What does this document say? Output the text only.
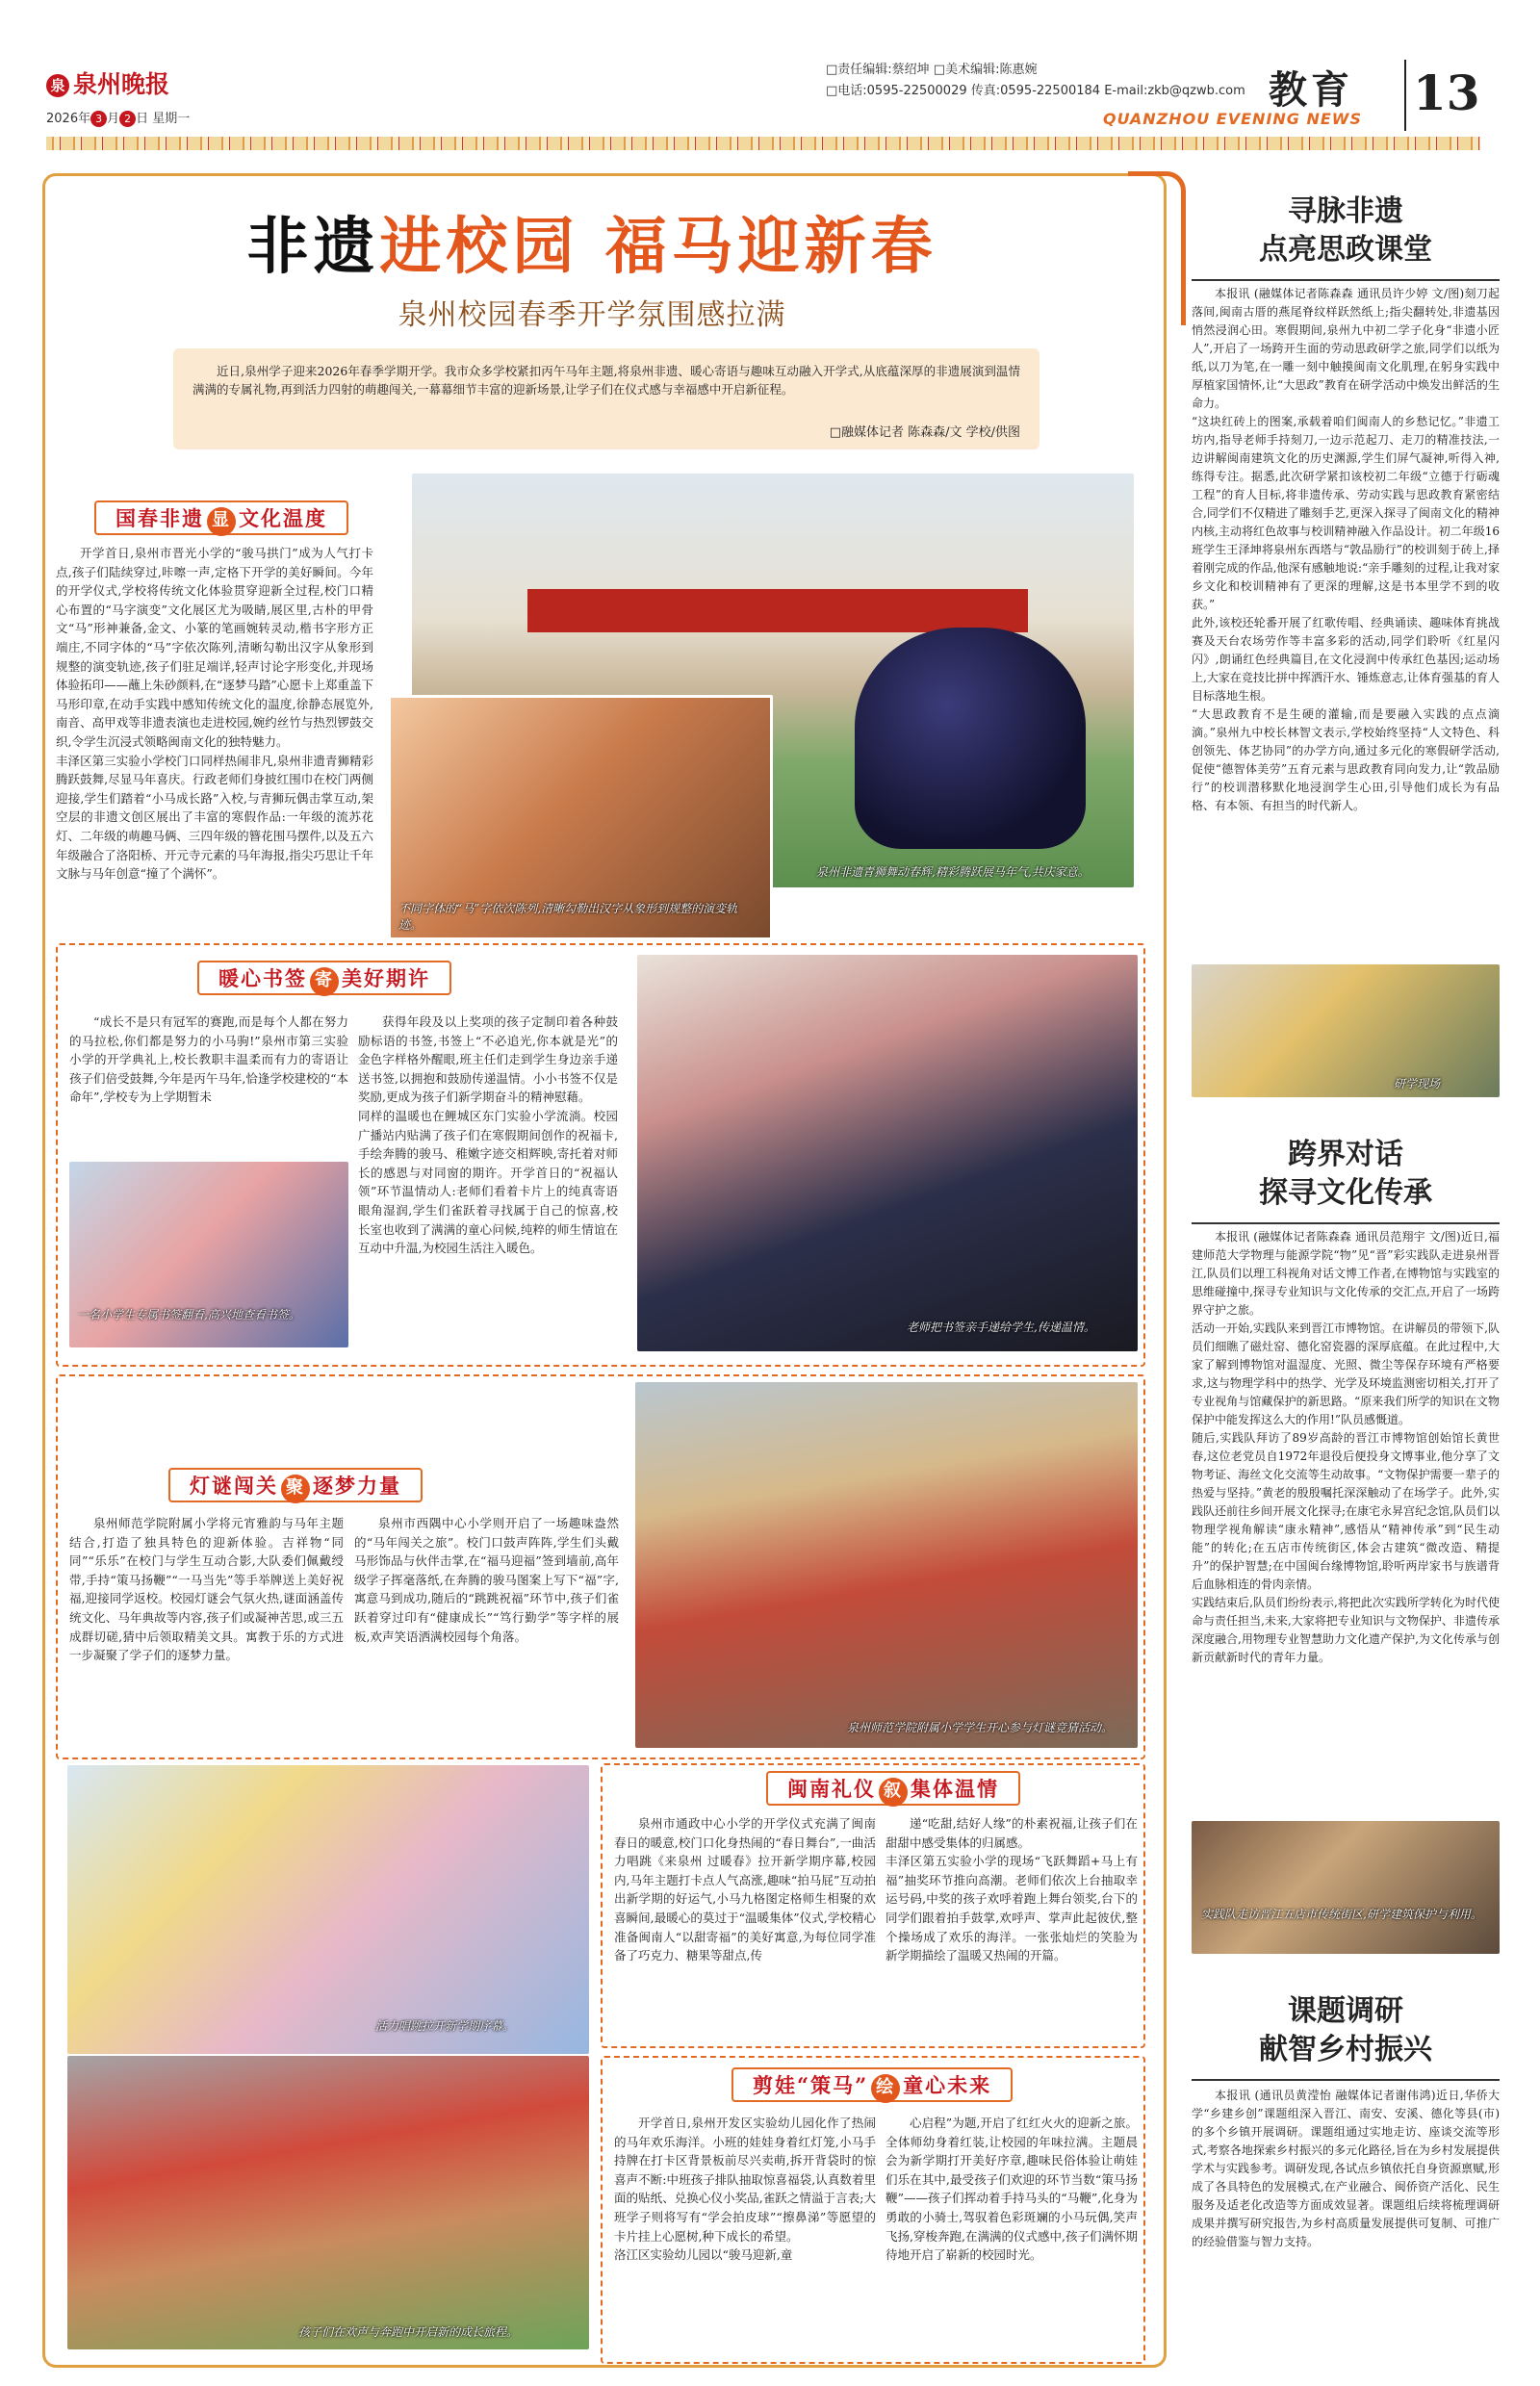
泉 泉州晚报
2026年 3 月 2 日 星期一
□责任编辑:蔡绍坤 □美术编辑:陈惠婉
□电话:0595-22500029 传真:0595-22500184 E-mail:zkb@qzwb.com 教育
QUANZHOU EVENING NEWS 13
非遗进校园 福马迎新春
泉州校园春季开学氛围感拉满
近日,泉州学子迎来2026年春季学期开学。我市众多学校紧扣丙午马年主题,将泉州非遗、暖心寄语与趣味互动融入开学式,从底蕴深厚的非遗展演到温情满满的专属礼物,再到活力四射的萌趣闯关,一幕幕细节丰富的迎新场景,让学子们在仪式感与幸福感中开启新征程。
□融媒体记者 陈森森/文 学校/供图
国春非遗 显 文化温度
开学首日,泉州市晋光小学的“骏马拱门”成为人气打卡点,孩子们陆续穿过,咔嚓一声,定格下开学的美好瞬间。今年的开学仪式,学校将传统文化体验贯穿迎新全过程,校门口精心布置的“马字演变”文化展区尤为吸睛,展区里,古朴的甲骨文“马”形神兼备,金文、小篆的笔画婉转灵动,楷书字形方正端庄,不同字体的“马”字依次陈列,清晰勾勒出汉字从象形到规整的演变轨迹,孩子们驻足端详,轻声讨论字形变化,并现场体验拓印——蘸上朱砂颜料,在“逐梦马踏”心愿卡上郑重盖下马形印章,在动手实践中感知传统文化的温度,徐静态展览外,南音、高甲戏等非遗表演也走进校园,婉约丝竹与热烈锣鼓交织,令学生沉浸式领略闽南文化的独特魅力。
丰泽区第三实验小学校门口同样热闹非凡,泉州非遗青狮精彩腾跃鼓舞,尽显马年喜庆。行政老师们身披红围巾在校门两侧迎接,学生们踏着“小马成长路”入校,与青狮玩偶击掌互动,架空层的非遗文创区展出了丰富的寒假作品:一年级的流苏花灯、二年级的萌趣马俩、三四年级的簪花围马摆件,以及五六年级融合了洛阳桥、开元寺元素的马年海报,指尖巧思让千年文脉与马年创意“撞了个满怀”。	泉州非遗青狮舞动春辉,精彩腾跃展马年气,共庆家意。
不同字体的“马”字依次陈列,清晰勾勒出汉字从象形到规整的演变轨迹。
暖心书签 寄 美好期许
“成长不是只有冠军的赛跑,而是每个人都在努力的马拉松,你们都是努力的小马驹!”泉州市第三实验小学的开学典礼上,校长教职丰温柔而有力的寄语让孩子们倍受鼓舞,今年是丙午马年,恰逢学校建校的“本命年”,学校专为上学期暂未
获得年段及以上奖项的孩子定制印着各种鼓励标语的书签,书签上“不必追光,你本就是光”的金色字样格外醒眼,班主任们走到学生身边亲手递送书签,以拥抱和鼓励传递温情。小小书签不仅是奖励,更成为孩子们新学期奋斗的精神慰藉。
同样的温暖也在鲤城区东门实验小学流淌。校园广播站内贴满了孩子们在寒假期间创作的祝福卡,手绘奔腾的骏马、稚嫩字迹交相辉映,寄托着对师长的感恩与对同窗的期许。开学首日的“祝福认领”环节温情动人:老师们看着卡片上的纯真寄语眼角湿润,学生们雀跃着寻找属于自己的惊喜,校长室也收到了满满的童心问候,纯粹的师生情谊在互动中升温,为校园生活注入暖色。
一名小学生专属书签翻看,高兴地查看书签。
老师把书签亲手递给学生,传递温情。
灯谜闯关 聚 逐梦力量
泉州师范学院附属小学将元宵雅韵与马年主题结合,打造了独具特色的迎新体验。吉祥物“同同”“乐乐”在校门与学生互动合影,大队委们佩戴绶带,手持“策马扬鞭”“一马当先”等手举牌送上美好祝福,迎接同学返校。校园灯谜会气氛火热,谜面涵盖传统文化、马年典故等内容,孩子们或凝神苦思,或三五成群切磋,猜中后领取精美文具。寓教于乐的方式进一步凝聚了学子们的逐梦力量。
泉州市西隅中心小学则开启了一场趣味盎然的“马年闯关之旅”。校门口鼓声阵阵,学生们头戴马形饰品与伙伴击掌,在“福马迎福”签到墙前,高年级学子挥毫落纸,在奔腾的骏马图案上写下“福”字,寓意马到成功,随后的“跳跳祝福”环节中,孩子们雀跃着穿过印有“健康成长”“笃行勤学”等字样的展板,欢声笑语洒满校园每个角落。
泉州师范学院附属小学学生开心参与灯谜竞猜活动。
活力唱跳拉开新学期序幕。
闽南礼仪 叙 集体温情
泉州市通政中心小学的开学仪式充满了闽南春日的暖意,校门口化身热闹的“春日舞台”,一曲活力唱跳《来泉州 过暖春》拉开新学期序幕,校园内,马年主题打卡点人气高涨,趣味“拍马屁”互动拍出新学期的好运气,小马九格图定格师生相聚的欢喜瞬间,最暖心的莫过于“温暖集体”仪式,学校精心准备闽南人“以甜寄福”的美好寓意,为每位同学准备了巧克力、糖果等甜点,传
递“吃甜,结好人缘”的朴素祝福,让孩子们在甜甜中感受集体的归属感。
丰泽区第五实验小学的现场“飞跃舞蹈+马上有福”抽奖环节推向高潮。老师们依次上台抽取幸运号码,中奖的孩子欢呼着跑上舞台领奖,台下的同学们跟着拍手鼓掌,欢呼声、掌声此起彼伏,整个操场成了欢乐的海洋。一张张灿烂的笑脸为新学期描绘了温暖又热闹的开篇。
孩子们在欢声与奔跑中开启新的成长旅程。
剪娃“策马” 绘 童心未来
开学首日,泉州开发区实验幼儿园化作了热闹的马年欢乐海洋。小班的娃娃身着红灯笼,小马手持牌在打卡区背景板前尽兴卖萌,拆开背袋时的惊喜声不断:中班孩子排队抽取惊喜福袋,认真数着里面的贴纸、兑换心仪小奖品,雀跃之情溢于言表;大班学子则将写有“学会拍皮球”“擦鼻涕”等愿望的卡片挂上心愿树,种下成长的希望。
洛江区实验幼儿园以“骏马迎新,童
心启程”为题,开启了红红火火的迎新之旅。全体师幼身着红装,让校园的年味拉满。主题晨会为新学期打开美好序章,趣味民俗体验让萌娃们乐在其中,最受孩子们欢迎的环节当数“策马扬鞭”——孩子们挥动着手持马头的“马鞭”,化身为勇敢的小骑士,驾驭着色彩斑斓的小马玩偶,笑声飞扬,穿梭奔跑,在满满的仪式感中,孩子们满怀期待地开启了崭新的校园时光。
寻脉非遗
点亮思政课堂
本报讯 (融媒体记者陈森森 通讯员许少婷 文/图)刻刀起落间,闽南古厝的燕尾脊纹样跃然纸上;指尖翻转处,非遗基因悄然浸润心田。寒假期间,泉州九中初二学子化身“非遗小匠人”,开启了一场跨开生面的劳动思政研学之旅,同学们以纸为纸,以刀为笔,在一雕一刻中触摸闽南文化肌理,在躬身实践中厚植家国情怀,让“大思政”教育在研学活动中焕发出鲜活的生命力。
“这块红砖上的图案,承载着咱们闽南人的乡愁记忆。”非遗工坊内,指导老师手持刻刀,一边示范起刀、走刀的精准技法,一边讲解闽南建筑文化的历史渊源,学生们屏气凝神,听得入神,练得专注。据悉,此次研学紧扣该校初二年级“立德于行砺魂工程”的育人目标,将非遗传承、劳动实践与思政教育紧密结合,同学们不仅精进了雕刻手艺,更深入探寻了闽南文化的精神内核,主动将红色故事与校训精神融入作品设计。初二年级16班学生王泽坤将泉州东西塔与“敦品励行”的校训刻于砖上,择着刚完成的作品,他深有感触地说:“亲手雕刻的过程,让我对家乡文化和校训精神有了更深的理解,这是书本里学不到的收获。”
此外,该校还轮番开展了红歌传唱、经典诵读、趣味体育挑战赛及天台农场劳作等丰富多彩的活动,同学们聆听《红星闪闪》,朗诵红色经典篇目,在文化浸润中传承红色基因;运动场上,大家在竞技比拼中挥洒汗水、锤炼意志,让体育强基的育人目标落地生根。
“大思政教育不是生硬的灌输,而是要融入实践的点点滴滴。”泉州九中校长林智文表示,学校始终坚持“人文特色、科创领先、体艺协同”的办学方向,通过多元化的寒假研学活动,促使“德智体美劳”五育元素与思政教育同向发力,让“敦品励行”的校训潜移默化地浸润学生心田,引导他们成长为有品格、有本领、有担当的时代新人。
研学现场
跨界对话
探寻文化传承
本报讯 (融媒体记者陈森森 通讯员范翔宇 文/图)近日,福建师范大学物理与能源学院“物”见“晋”彩实践队走进泉州晋江,队员们以理工科视角对话文博工作者,在博物馆与实践室的思维碰撞中,探寻专业知识与文化传承的交汇点,开启了一场跨界守护之旅。
活动一开始,实践队来到晋江市博物馆。在讲解员的带领下,队员们细瞧了磁灶窑、德化窑瓷器的深厚底蕴。在此过程中,大家了解到博物馆对温湿度、光照、微尘等保存环境有严格要求,这与物理学科中的热学、光学及环境监测密切相关,打开了专业视角与馆藏保护的新思路。“原来我们所学的知识在文物保护中能发挥这么大的作用!”队员感慨道。
随后,实践队拜访了89岁高龄的晋江市博物馆创始馆长黄世春,这位老党员自1972年退役后便投身文博事业,他分享了文物考证、海丝文化交流等生动故事。“文物保护需要一辈子的热爱与坚持。”黄老的殷殷嘱托深深触动了在场学子。此外,实践队还前往乡间开展文化探寻;在康宅永昇宫纪念馆,队员们以物理学视角解读“康永精神”,感悟从“精神传承”到“民生动能”的转化;在五店市传统街区,体会古建筑“微改造、精提升”的保护智慧;在中国闽台缘博物馆,聆听两岸家书与族谱背后血脉相连的骨肉亲情。
实践结束后,队员们纷纷表示,将把此次实践所学转化为时代使命与责任担当,未来,大家将把专业知识与文物保护、非遗传承深度融合,用物理专业智慧助力文化遗产保护,为文化传承与创新贡献新时代的青年力量。
实践队走访晋江五店市传统街区,研学建筑保护与利用。
课题调研
献智乡村振兴
本报讯 (通讯员黄滢怡 融媒体记者谢伟鸿)近日,华侨大学“乡建乡创”课题组深入晋江、南安、安溪、德化等县(市)的多个乡镇开展调研。课题组通过实地走访、座谈交流等形式,考察各地探索乡村振兴的多元化路径,旨在为乡村发展提供学术与实践参考。调研发现,各试点乡镇依托自身资源禀赋,形成了各具特色的发展模式,在产业融合、闽侨资产活化、民生服务及适老化改造等方面成效显著。课题组后续将梳理调研成果并撰写研究报告,为乡村高质量发展提供可复制、可推广的经验借鉴与智力支持。
